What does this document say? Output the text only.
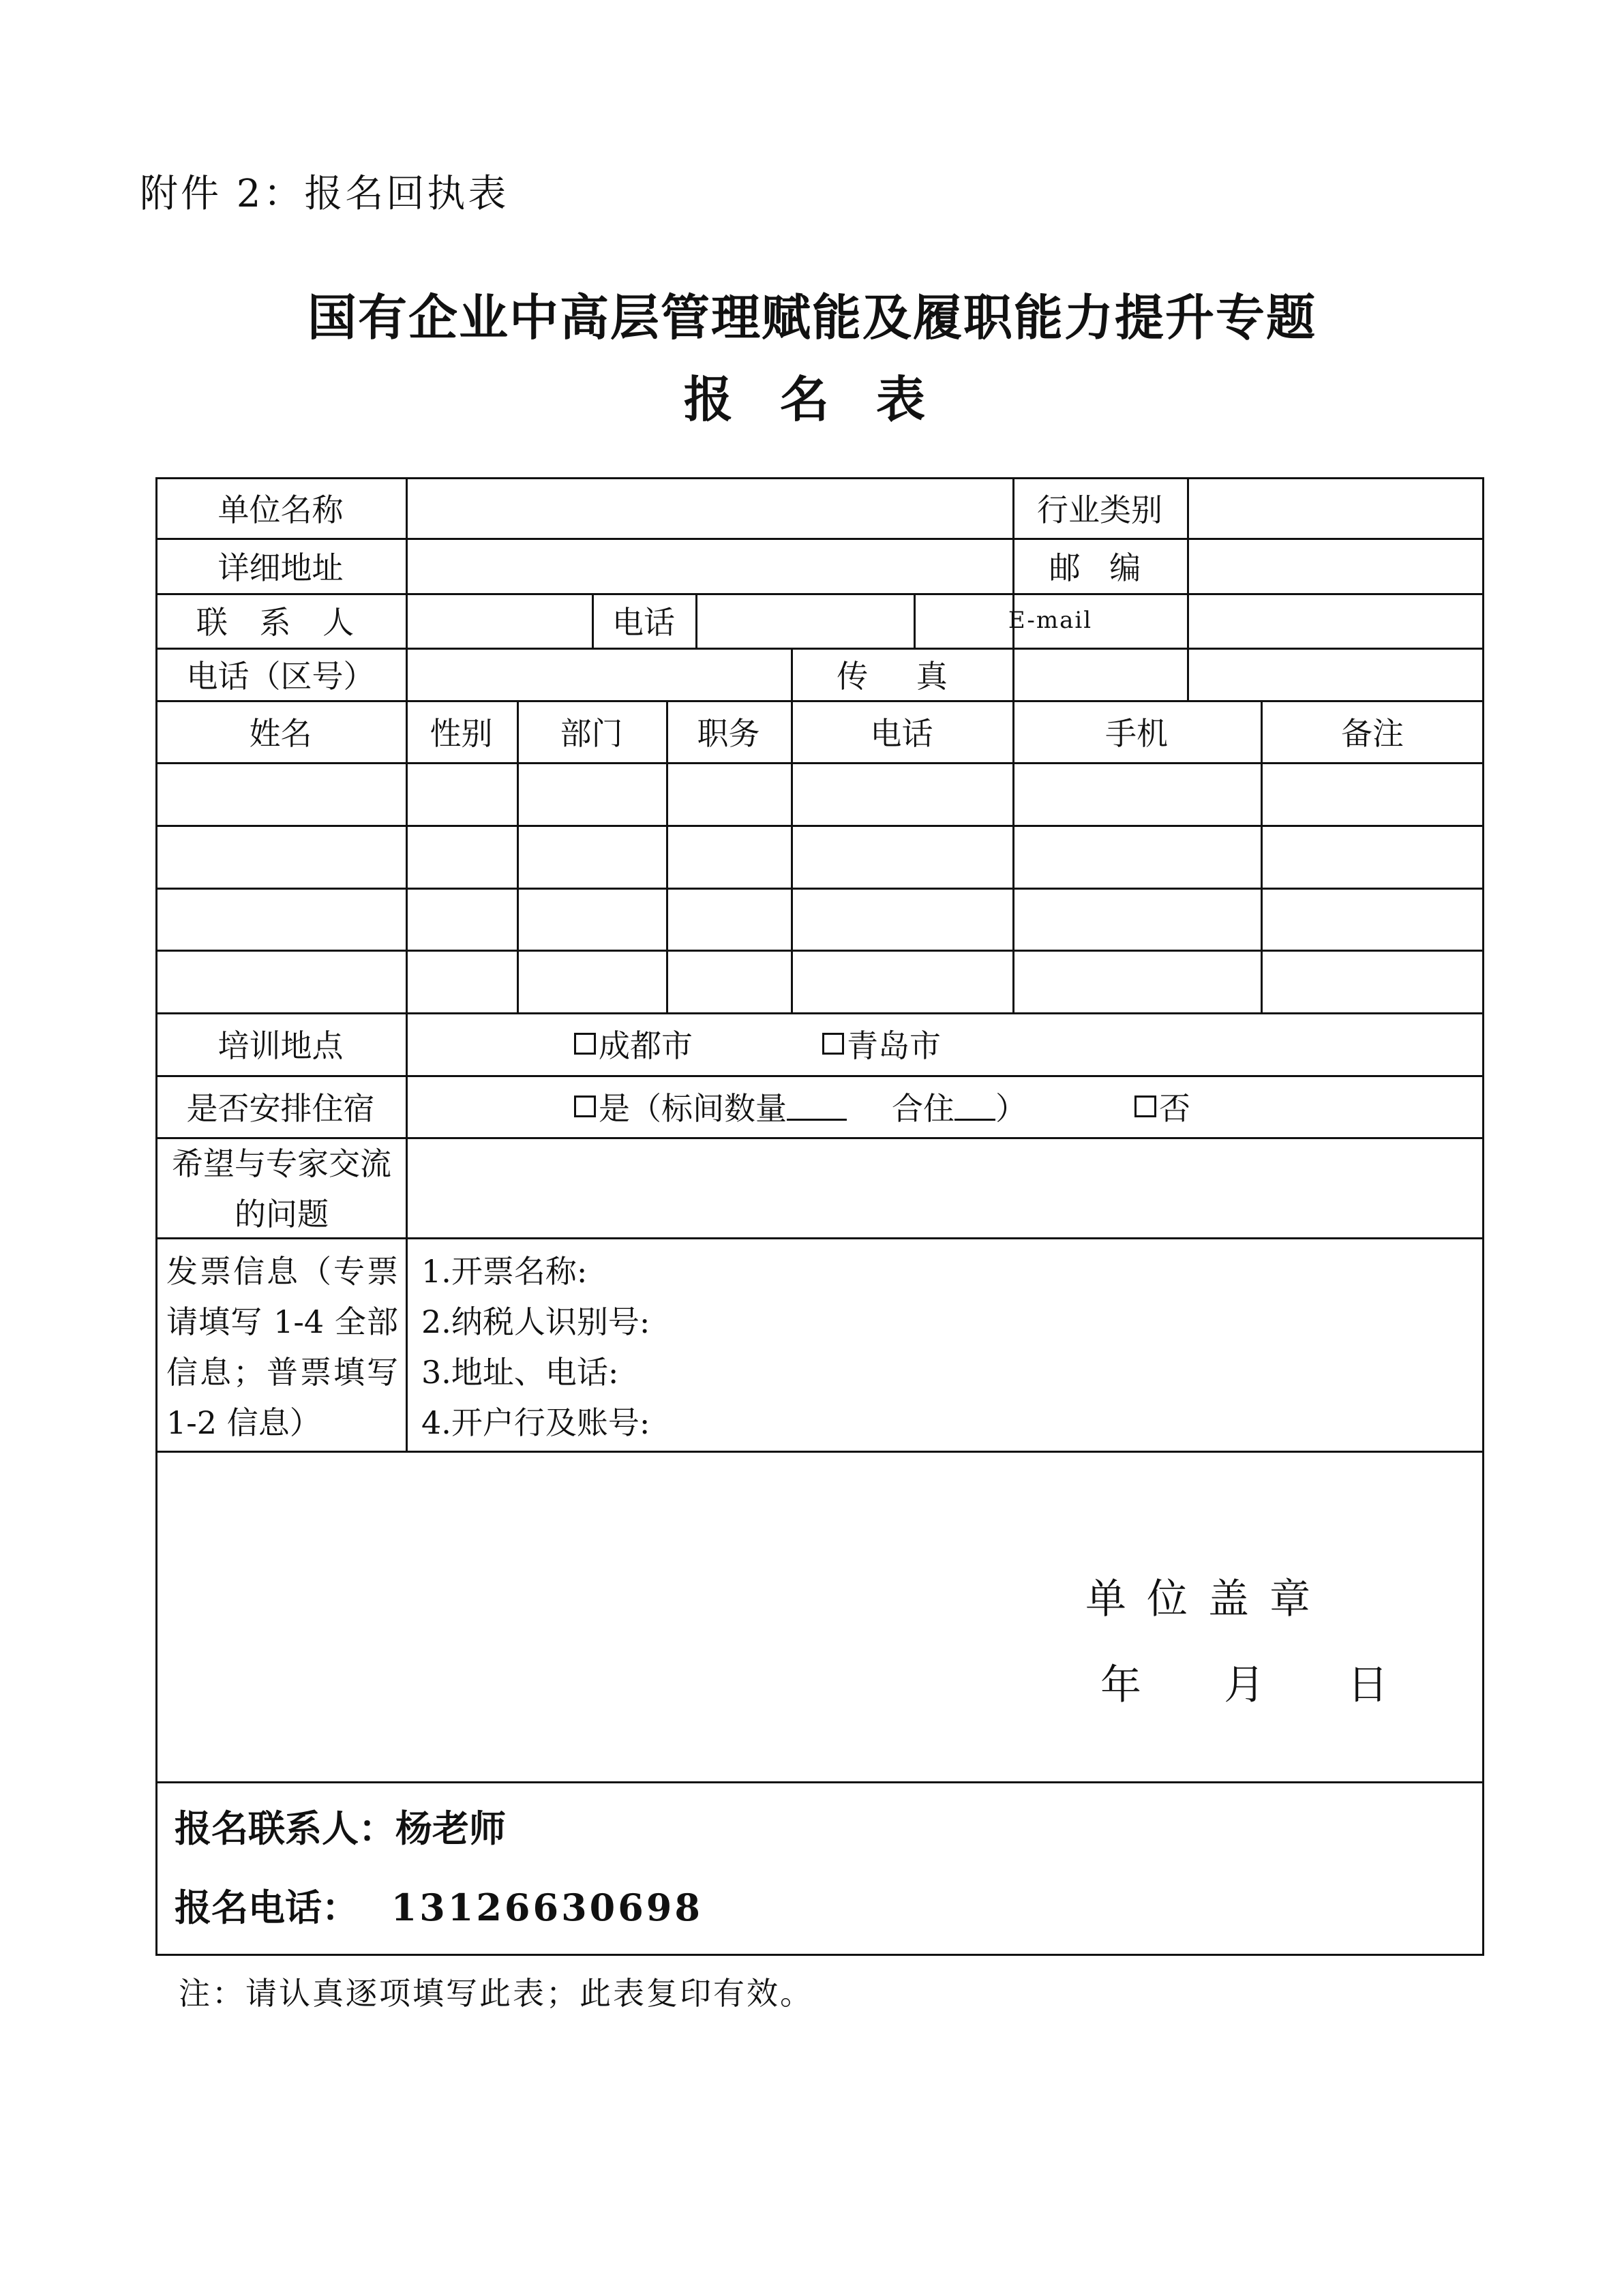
附件 2：报名回执表
国有企业中高层管理赋能及履职能力提升专题
报 名 表
单位名称	行业类别
详细地址	邮 编
联 系 人	电话	E-mail
电话（区号）	传 真
姓名	性别	部门	职务	电话	手机	备注
培训地点	成都市	青岛市
是否安排住宿	是（标间数量	合住 ）	否
希望与专家交流的问题
发票信息（专票请填写 1-4 全部信息；普票填写 1-2 信息）
1.开票名称:
2.纳税人识别号:
3.地址、电话:
4.开户行及账号:
单位盖章
年 月 日
报名联系人：杨老师
报名电话： 13126630698
注：请认真逐项填写此表；此表复印有效。
